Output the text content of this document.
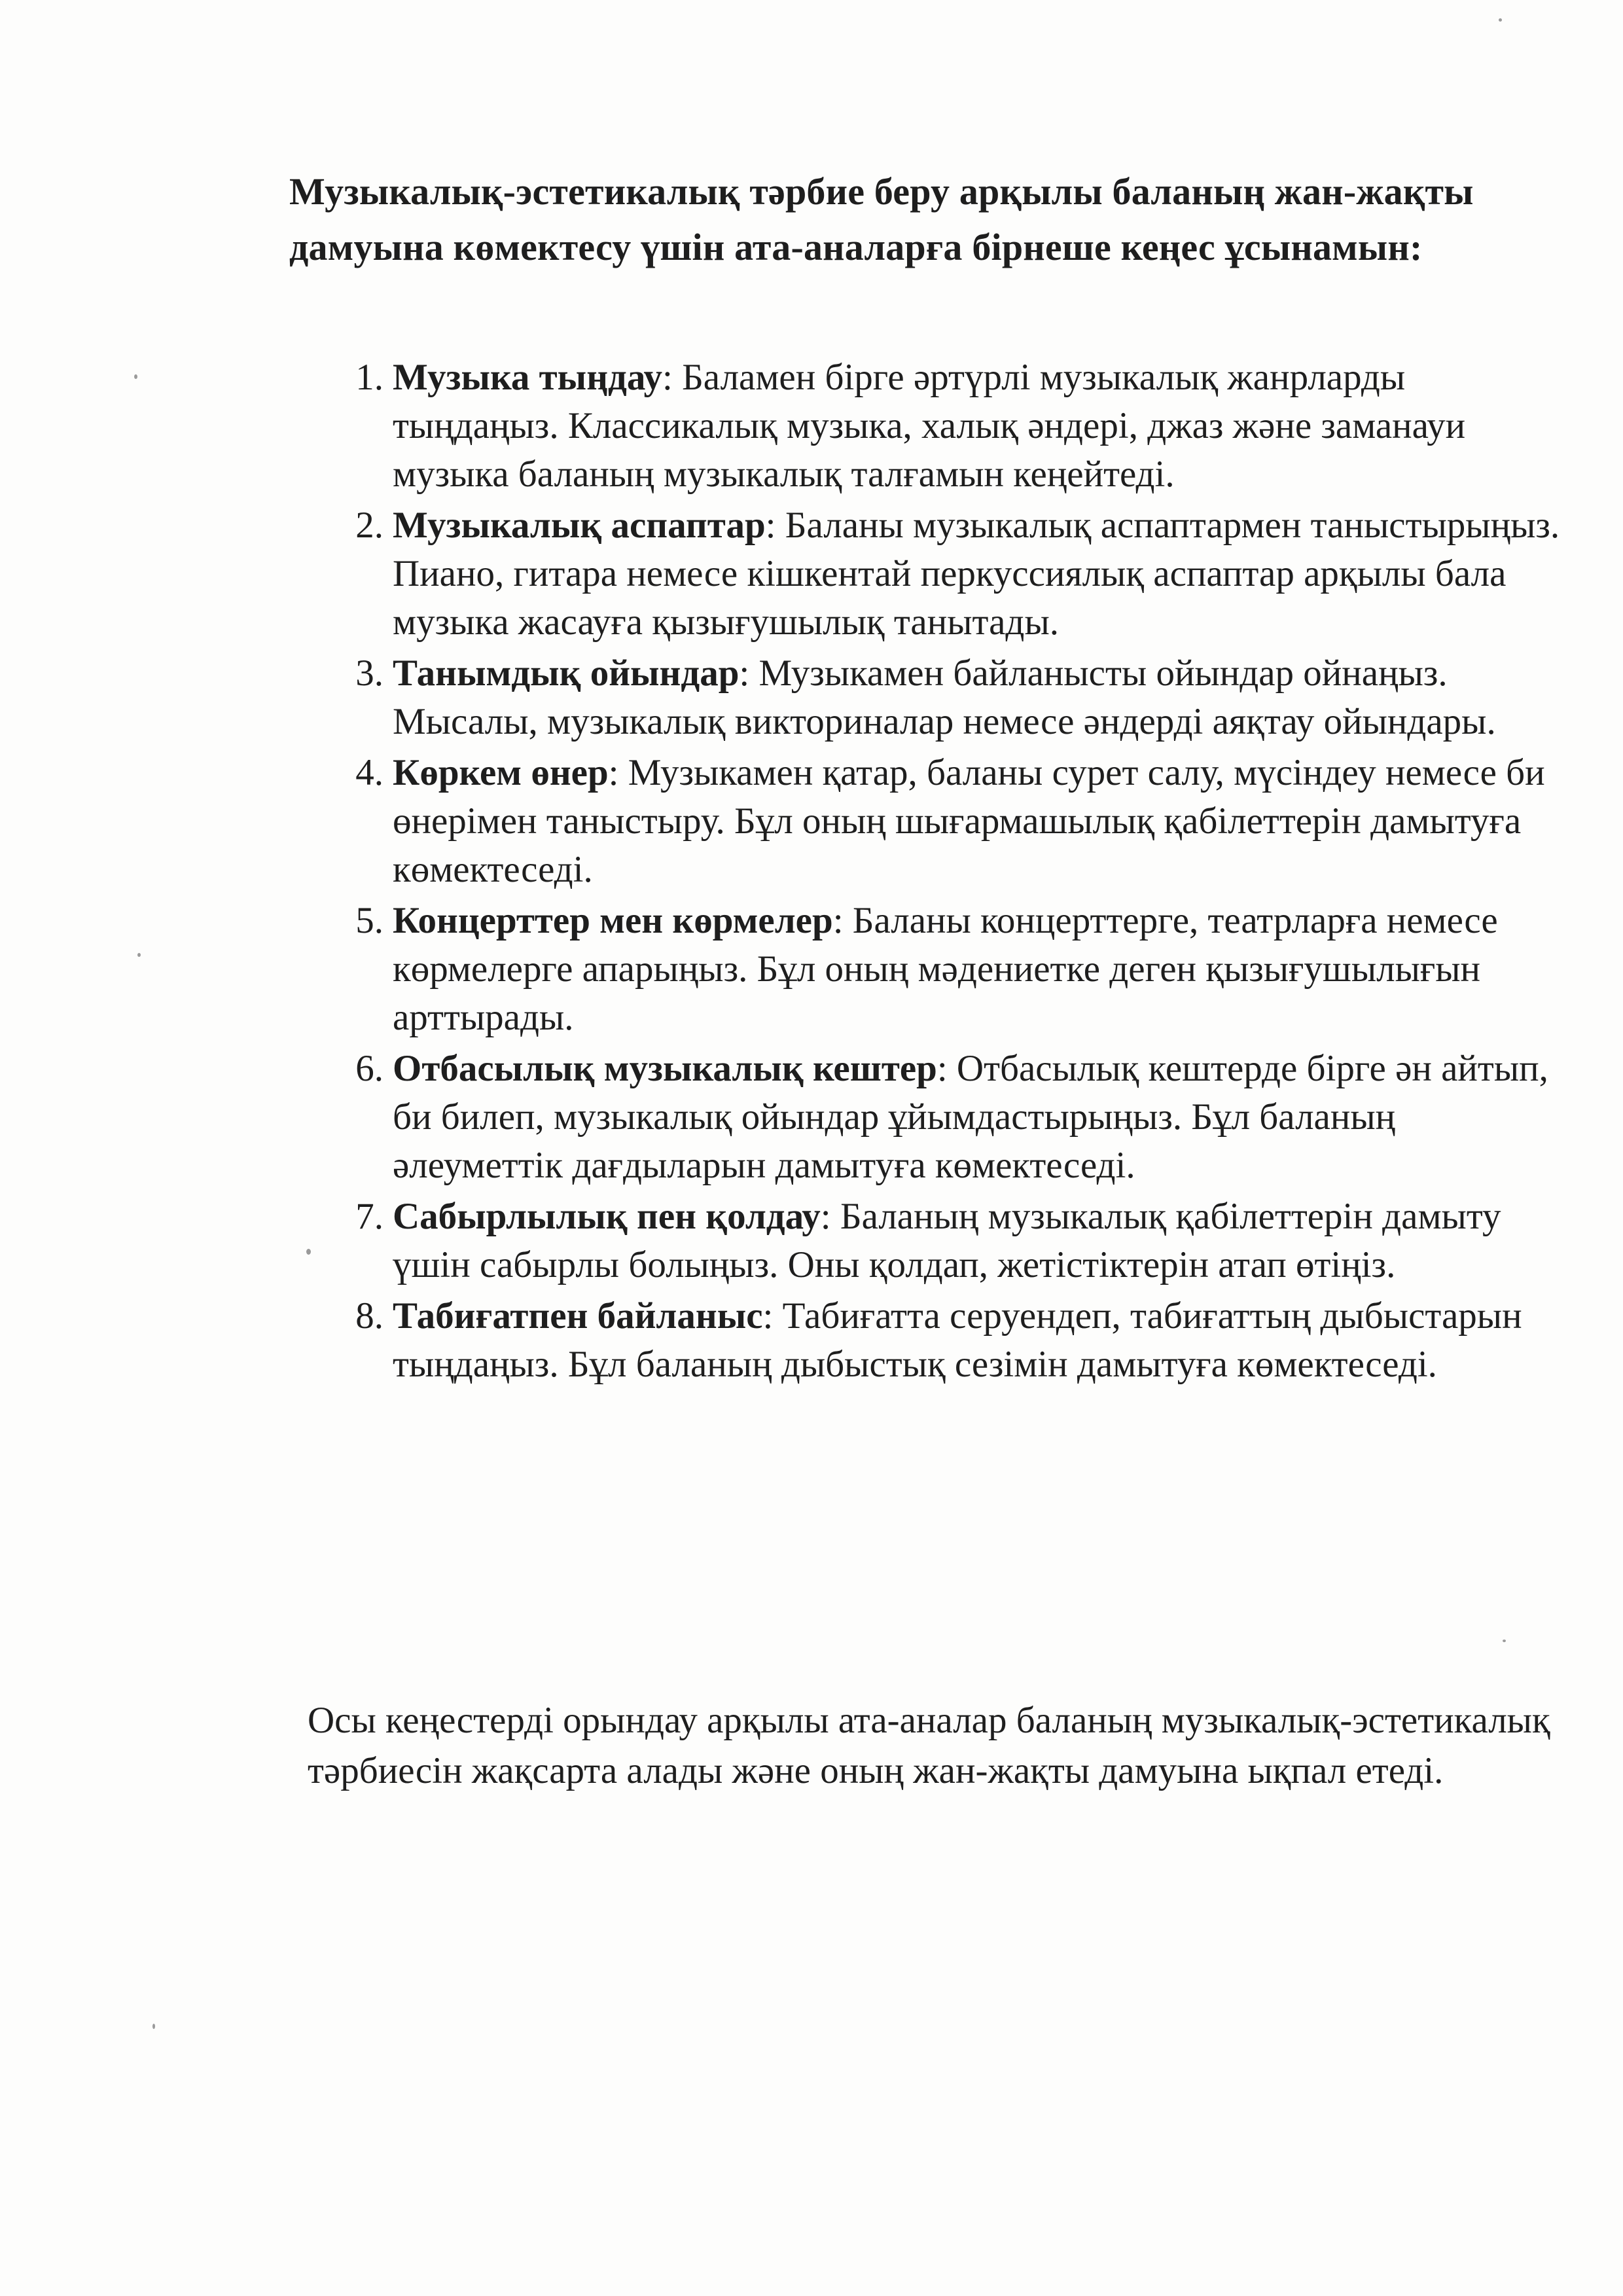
Музыкалық-эстетикалық тәрбие беру арқылы баланың жан-жақты дамуына көмектесу үшін ата-аналарға бірнеше кеңес ұсынамын:

1. Музыка тыңдау: Баламен бірге әртүрлі музыкалық жанрларды тыңдаңыз. Классикалық музыка, халық әндері, джаз және заманауи музыка баланың музыкалық талғамын кеңейтеді.
2. Музыкалық аспаптар: Баланы музыкалық аспаптармен таныстырыңыз. Пиано, гитара немесе кішкентай перкуссиялық аспаптар арқылы бала музыка жасауға қызығушылық танытады.
3. Танымдық ойындар: Музыкамен байланысты ойындар ойнаңыз. Мысалы, музыкалық викториналар немесе әндерді аяқтау ойындары.
4. Көркем өнер: Музыкамен қатар, баланы сурет салу, мүсіндеу немесе би өнерімен таныстыру. Бұл оның шығармашылық қабілеттерін дамытуға көмектеседі.
5. Концерттер мен көрмелер: Баланы концерттерге, театрларға немесе көрмелерге апарыңыз. Бұл оның мәдениетке деген қызығушылығын арттырады.
6. Отбасылық музыкалық кештер: Отбасылық кештерде бірге ән айтып, би билеп, музыкалық ойындар ұйымдастырыңыз. Бұл баланың әлеуметтік дағдыларын дамытуға көмектеседі.
7. Сабырлылық пен қолдау: Баланың музыкалық қабілеттерін дамыту үшін сабырлы болыңыз. Оны қолдап, жетістіктерін атап өтіңіз.
8. Табиғатпен байланыс: Табиғатта серуендеп, табиғаттың дыбыстарын тыңдаңыз. Бұл баланың дыбыстық сезімін дамытуға көмектеседі.

Осы кеңестерді орындау арқылы ата-аналар баланың музыкалық-эстетикалық тәрбиесін жақсарта алады және оның жан-жақты дамуына ықпал етеді.
